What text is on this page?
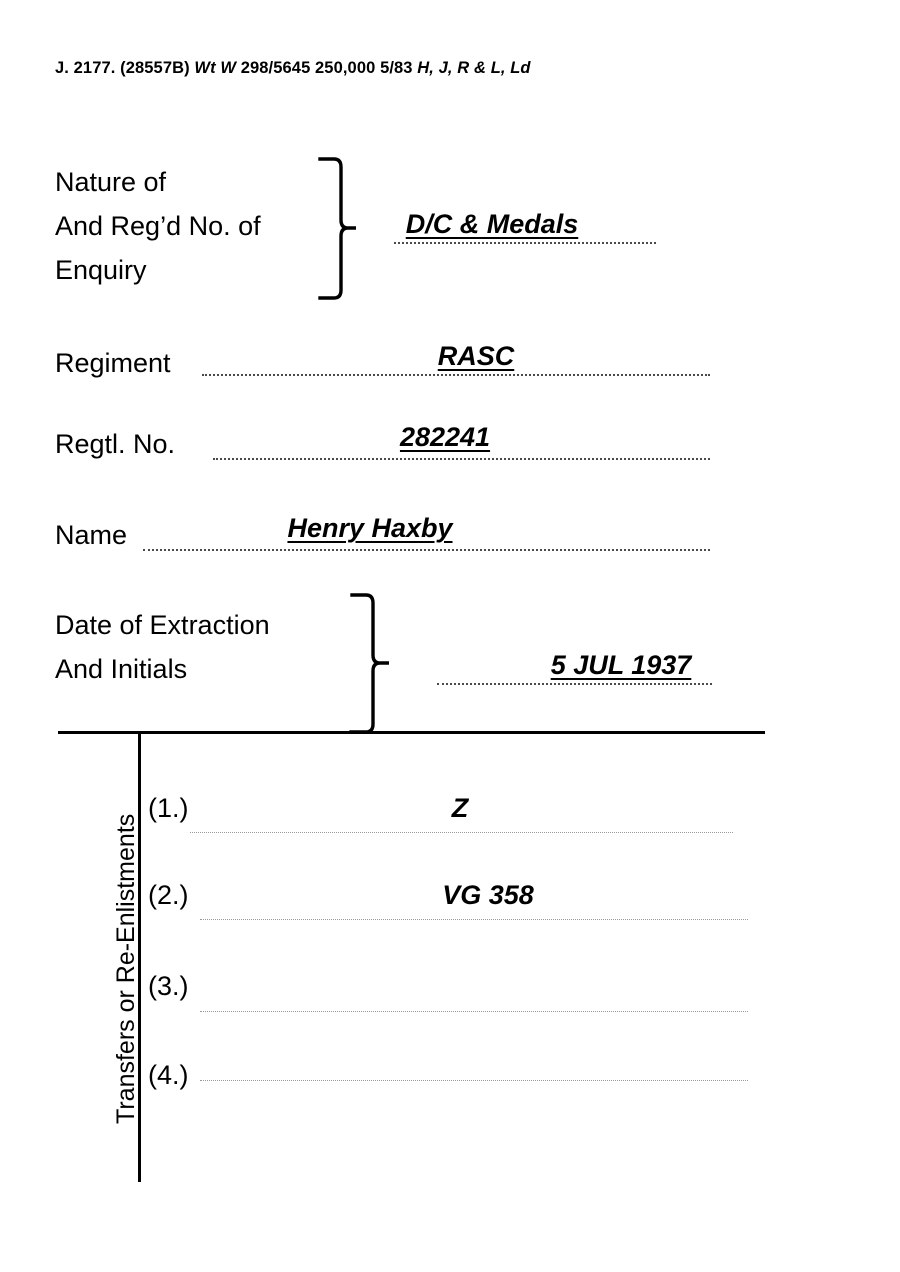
J. 2177. (28557B) Wt W 298/5645 250,000 5/83 H, J, R & L, Ld
Nature of
And Reg’d No. of
Enquiry
D/C & Medals
Regiment	RASC
Regtl. No.	282241
Name	Henry Haxby
Date of Extraction
And Initials	5 JUL 1937
Transfers or Re-Enlistments
(1.)	Z
(2.)	VG 358
(3.)
(4.)
